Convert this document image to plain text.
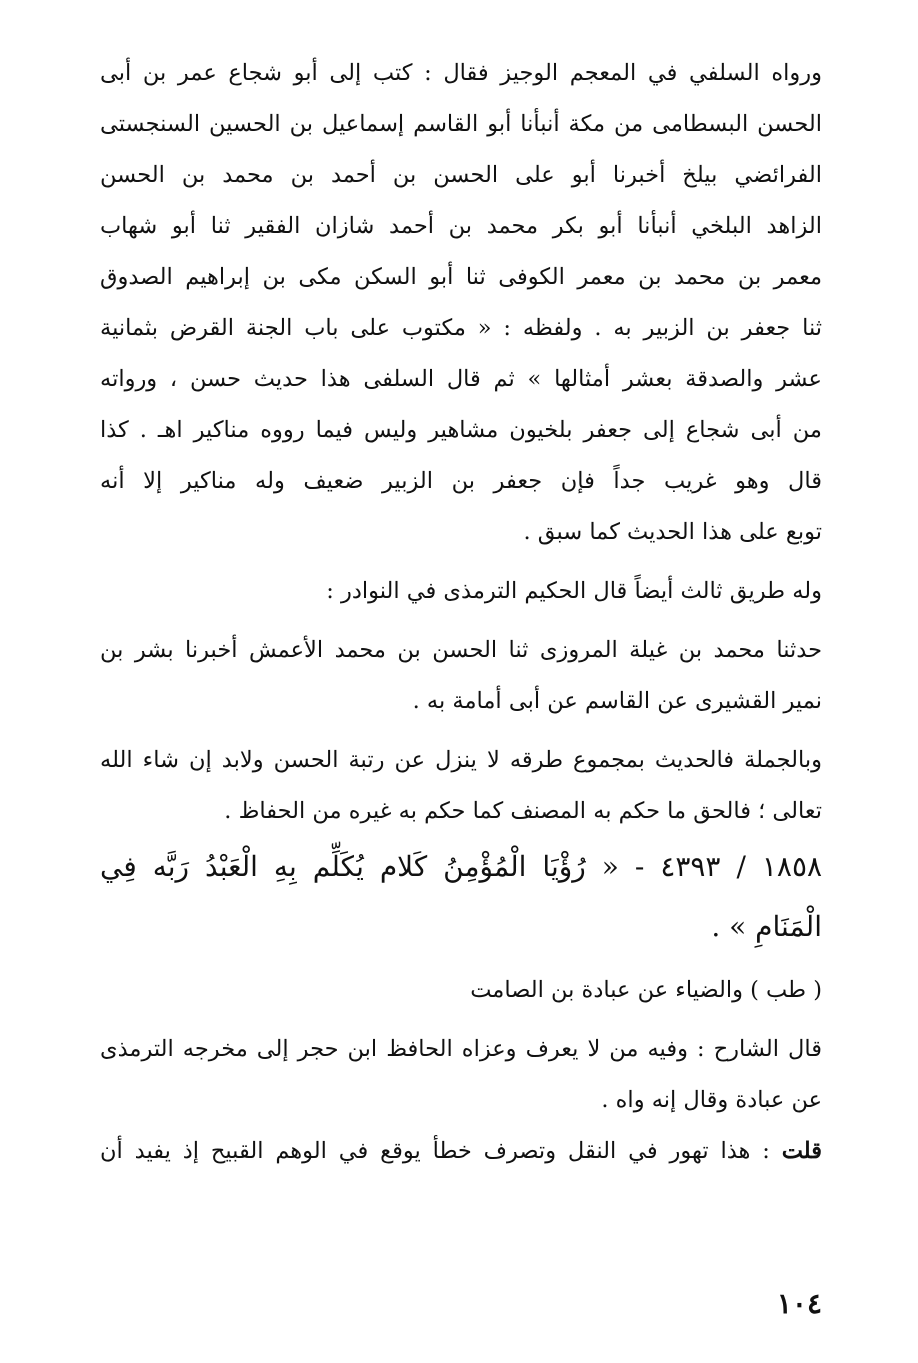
ورواه السلفي في المعجم الوجيز فقال : كتب إلى أبو شجاع عمر بن أبى
الحسن البسطامى من مكة أنبأنا أبو القاسم إسماعيل بن الحسين السنجستى
الفرائضي بيلخ أخبرنا أبو على الحسن بن أحمد بن محمد بن الحسن
الزاهد البلخي أنبأنا أبو بكر محمد بن أحمد شازان الفقير ثنا أبو شهاب
معمر بن محمد بن معمر الكوفى ثنا أبو السكن مكى بن إبراهيم الصدوق
ثنا جعفر بن الزبير به . ولفظه : « مكتوب على باب الجنة القرض بثمانية
عشر والصدقة بعشر أمثالها » ثم قال السلفى هذا حديث حسن ، ورواته
من أبى شجاع إلى جعفر بلخيون مشاهير وليس فيما رووه مناكير اهـ . كذا
قال وهو غريب جداً فإن جعفر بن الزبير ضعيف وله مناكير إلا أنه
توبع على هذا الحديث كما سبق .
وله طريق ثالث أيضاً قال الحكيم الترمذى في النوادر :
حدثنا محمد بن غيلة المروزى ثنا الحسن بن محمد الأعمش أخبرنا بشر بن
نمير القشيرى عن القاسم عن أبى أمامة به .
وبالجملة فالحديث بمجموع طرقه لا ينزل عن رتبة الحسن ولابد إن شاء الله
تعالى ؛ فالحق ما حكم به المصنف كما حكم به غيره من الحفاظ .
١٨٥٨ / ٤٣٩٣ - « رُؤْيَا الْمُؤْمِنُ كَلام يُكَلِّم بِهِ الْعَبْدُ رَبَّه فِي
الْمَنَامِ » .
( طب ) والضياء عن عبادة بن الصامت
قال الشارح : وفيه من لا يعرف وعزاه الحافظ ابن حجر إلى مخرجه الترمذى
عن عبادة وقال إنه واه .
قلت : هذا تهور في النقل وتصرف خطأ يوقع في الوهم القبيح إذ يفيد أن
١٠٤
